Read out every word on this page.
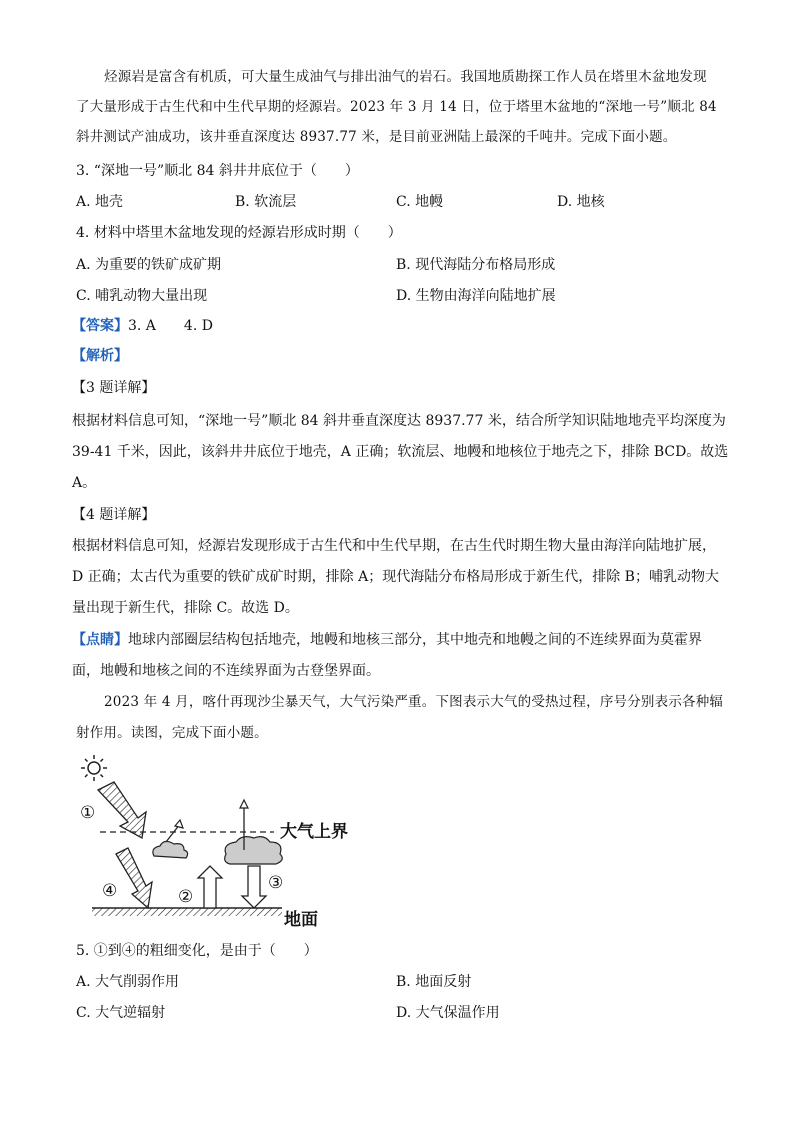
烃源岩是富含有机质，可大量生成油气与排出油气的岩石。我国地质勘探工作人员在塔里木盆地发现
了大量形成于古生代和中生代早期的烃源岩。2023 年 3 月 14 日，位于塔里木盆地的“深地一号”顺北 84
斜井测试产油成功，该井垂直深度达 8937.77 米，是目前亚洲陆上最深的千吨井。完成下面小题。
3. “深地一号”顺北 84 斜井井底位于（　　）
A. 地壳	B. 软流层	C. 地幔	D. 地核
4. 材料中塔里木盆地发现的烃源岩形成时期（　　）
A. 为重要的铁矿成矿期	B. 现代海陆分布格局形成
C. 哺乳动物大量出现	D. 生物由海洋向陆地扩展
【答案】3. A　　4. D
【解析】
【3 题详解】
根据材料信息可知，“深地一号”顺北 84 斜井垂直深度达 8937.77 米，结合所学知识陆地地壳平均深度为
39-41 千米，因此，该斜井井底位于地壳，A 正确；软流层、地幔和地核位于地壳之下，排除 BCD。故选
A。
【4 题详解】
根据材料信息可知，烃源岩发现形成于古生代和中生代早期，在古生代时期生物大量由海洋向陆地扩展，
D 正确；太古代为重要的铁矿成矿时期，排除 A；现代海陆分布格局形成于新生代，排除 B；哺乳动物大
量出现于新生代，排除 C。故选 D。
【点睛】地球内部圈层结构包括地壳，地幔和地核三部分，其中地壳和地幔之间的不连续界面为莫霍界
面，地幔和地核之间的不连续界面为古登堡界面。
2023 年 4 月，喀什再现沙尘暴天气，大气污染严重。下图表示大气的受热过程，序号分别表示各种辐
射作用。读图，完成下面小题。
①
④	②
③
大气上界
地面
5. ①到④的粗细变化，是由于（　　）
A. 大气削弱作用	B. 地面反射
C. 大气逆辐射	D. 大气保温作用
